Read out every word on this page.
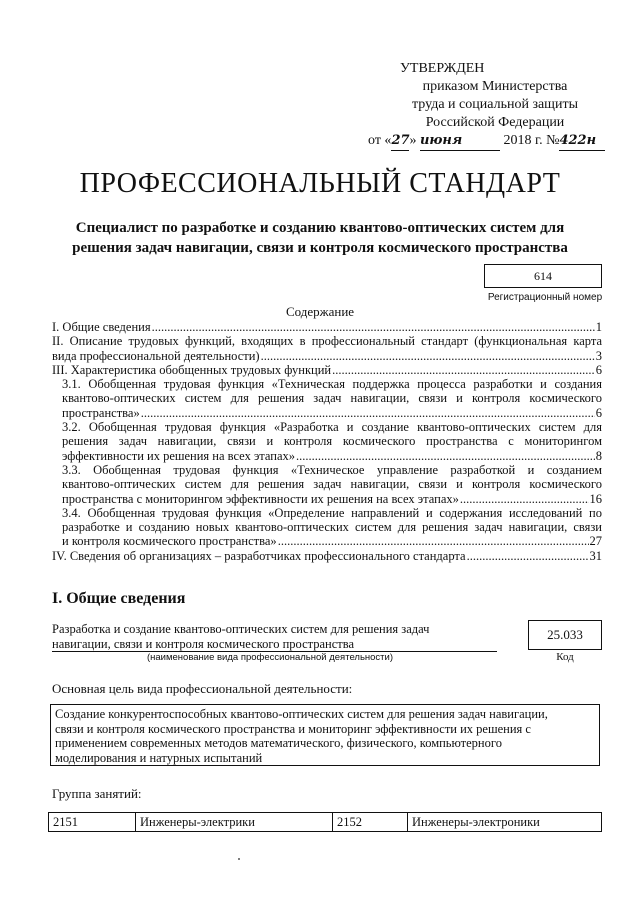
УТВЕРЖДЕН
приказом Министерства
труда и социальной защиты
Российской Федерации
от «27» июня	2018 г. №422н
ПРОФЕССИОНАЛЬНЫЙ СТАНДАРТ
Специалист по разработке и созданию квантово-оптических систем для
решения задач навигации, связи и контроля космического пространства
614
Регистрационный номер
Содержание
I. Общие сведения .....	1
II. Описание трудовых функций, входящих в профессиональный стандарт (функциональная карта
вида профессиональной деятельности) .....	3
III. Характеристика обобщенных трудовых функций .....	6
3.1. Обобщенная трудовая функция «Техническая поддержка процесса разработки и создания
квантово-оптических систем для решения задач навигации, связи и контроля космического
пространства» .....	6
3.2. Обобщенная трудовая функция «Разработка и создание квантово-оптических систем для
решения задач навигации, связи и контроля космического пространства с мониторингом
эффективности их решения на всех этапах» .....	8
3.3. Обобщенная трудовая функция «Техническое управление разработкой и созданием
квантово-оптических систем для решения задач навигации, связи и контроля космического
пространства с мониторингом эффективности их решения на всех этапах» .....	16
3.4. Обобщенная трудовая функция «Определение направлений и содержания исследований по
разработке и созданию новых квантово-оптических систем для решения задач навигации, связи
и контроля космического пространства» .....	27
IV. Сведения об организациях – разработчиках профессионального стандарта .....	31
I. Общие сведения
Разработка и создание квантово-оптических систем для решения задач
навигации, связи и контроля космического пространства
(наименование вида профессиональной деятельности)
25.033
Код
Основная цель вида профессиональной деятельности:
Создание конкурентоспособных квантово-оптических систем для решения задач навигации,
связи и контроля космического пространства и мониторинг эффективности их решения с
применением современных методов математического, физического, компьютерного
моделирования и натурных испытаний
Группа занятий:
2151	Инженеры-электрики	2152	Инженеры-электроники
